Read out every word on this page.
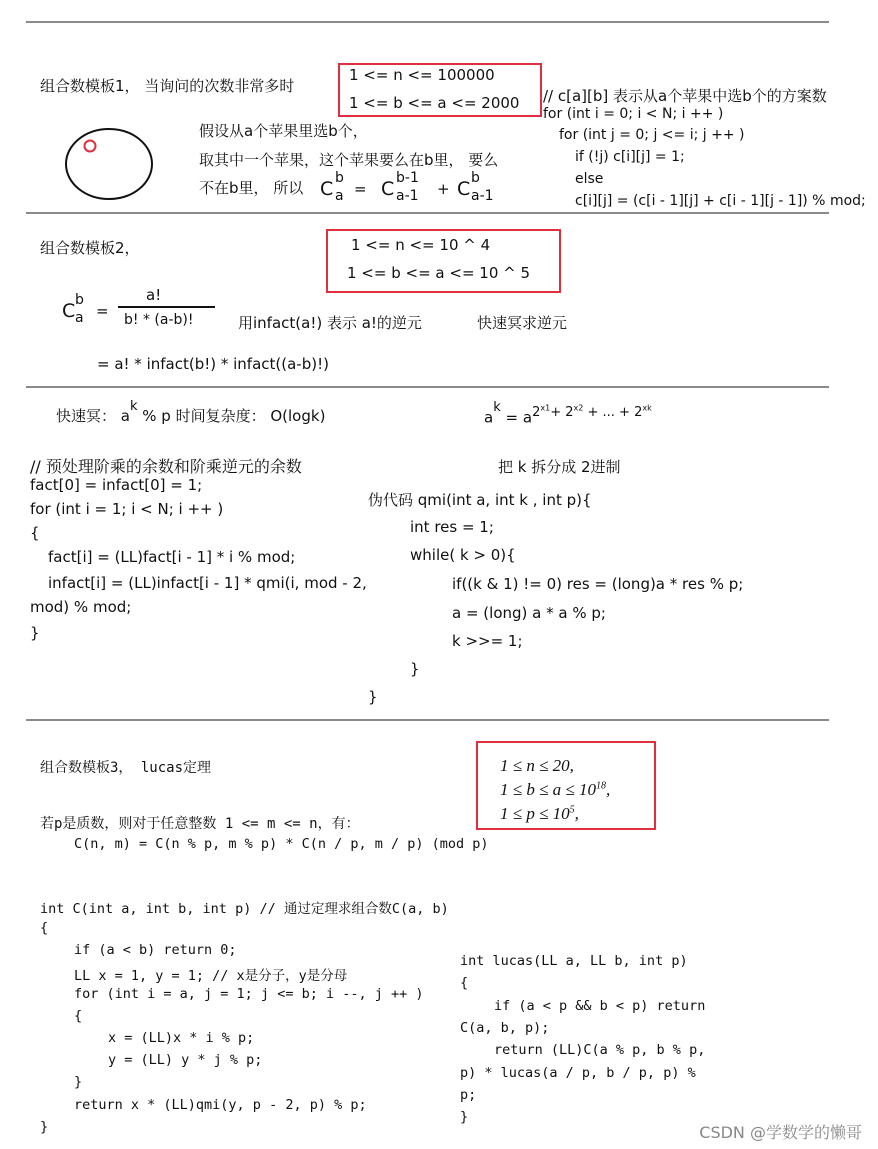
组合数模板1， 当询问的次数非常多时
1 <= n <= 100000
1 <= b <= a <= 2000 // c[a][b] 表示从a个苹果中选b个的方案数
for (int i = 0; i < N; i ++ )
for (int j = 0; j <= i; j ++ )
if (!j) c[i][j] = 1;
else
c[i][j] = (c[i - 1][j] + c[i - 1][j - 1]) % mod;
假设从a个苹果里选b个，
取其中一个苹果，这个苹果要么在b里， 要么
不在b里， 所以 C b
a = C b-1
a-1 + C b
a-1
组合数模板2，	1 <= n <= 10 ^ 4
1 <= b <= a <= 10 ^ 5
C b
a =
a!
b! * (a-b)!	用infact(a!) 表示 a!的逆元	快速冥求逆元
= a! * infact(b!) * infact((a-b)!)
快速冥： $a^k$ % p 时间复杂度： O(logk)	$a^k = a^{2^{x1}+ 2^{x2} + ... + 2^{xk}}$
// 预处理阶乘的余数和阶乘逆元的余数
fact[0] = infact[0] = 1;
for (int i = 1; i < N; i ++ )
{
fact[i] = (LL)fact[i - 1] * i % mod;
infact[i] = (LL)infact[i - 1] * qmi(i, mod - 2,
mod) % mod;
}
把 k 拆分成 2进制
伪代码 qmi(int a, int k , int p){
int res = 1;
while( k > 0){
if((k & 1) != 0) res = (long)a * res % p;
a = (long) a * a % p;
k >>= 1;
}
}
组合数模板3， lucas定理	1 ≤ n ≤ 20,
$1 \le b \le a \le 10^{18}$,
$1 \le p \le 10^5$,
若p是质数，则对于任意整数 1 <= m <= n，有：
C(n, m) = C(n % p, m % p) * C(n / p, m / p) (mod p)
int C(int a, int b, int p) // 通过定理求组合数C(a, b)
{
if (a < b) return 0;
LL x = 1, y = 1; // x是分子，y是分母
for (int i = a, j = 1; j <= b; i --, j ++ )
{
x = (LL)x * i % p;
y = (LL) y * j % p;
}
return x * (LL)qmi(y, p - 2, p) % p;
}
int lucas(LL a, LL b, int p)
{
if (a < p && b < p) return
C(a, b, p);
return (LL)C(a % p, b % p,
p) * lucas(a / p, b / p, p) %
p;
}
CSDN @学数学的懒哥
